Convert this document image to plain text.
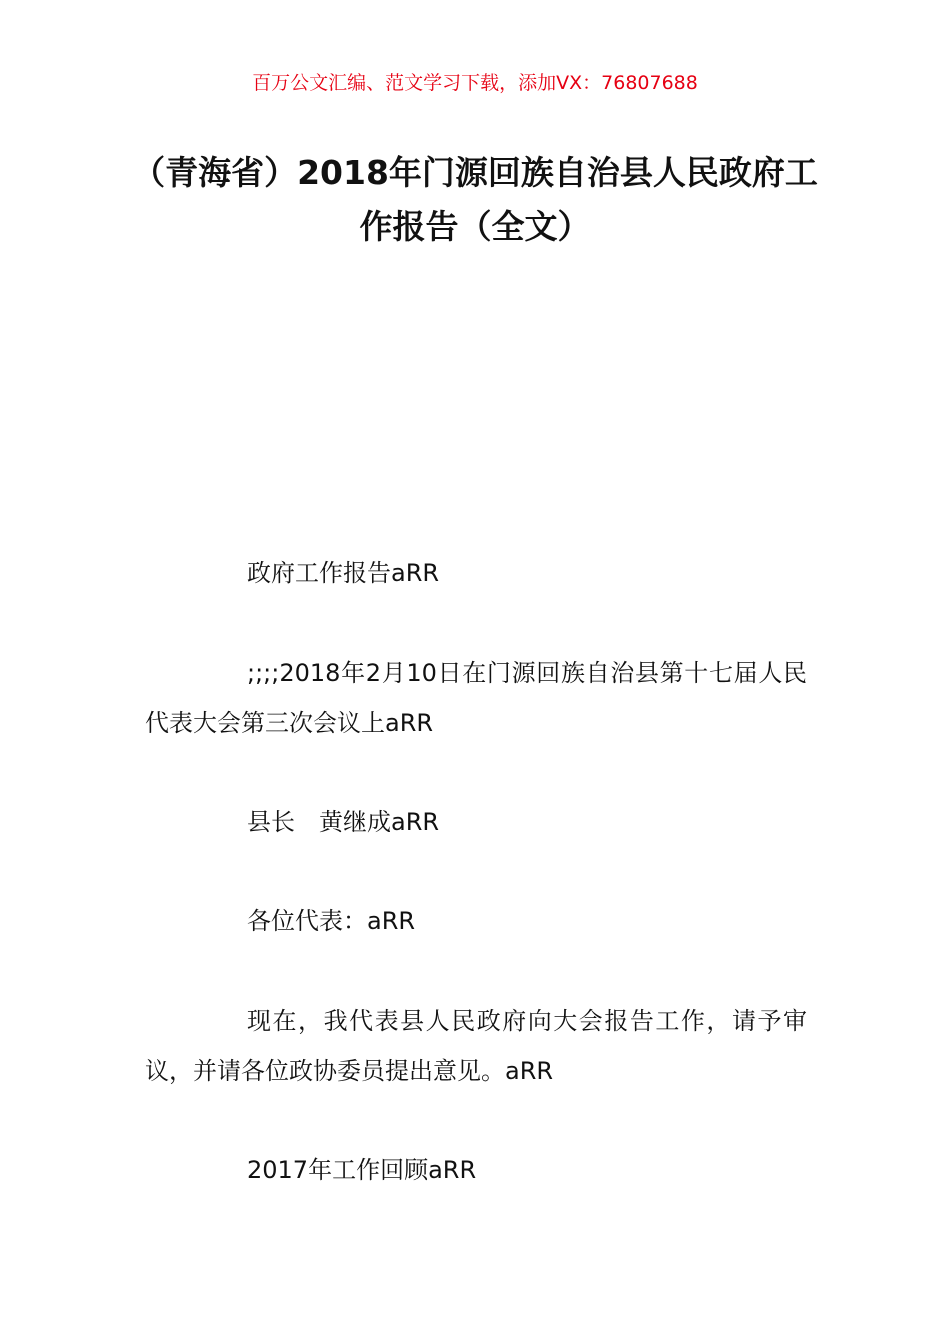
百万公文汇编、范文学习下载，添加VX：76807688
（青海省）2018年门源回族自治县人民政府工作报告（全文）

政府工作报告aRR

;;;;2018年2月10日在门源回族自治县第十七届人民代表大会第三次会议上aRR

县长　黄继成aRR

各位代表：aRR

现在，我代表县人民政府向大会报告工作，请予审议，并请各位政协委员提出意见。aRR

2017年工作回顾aRR
